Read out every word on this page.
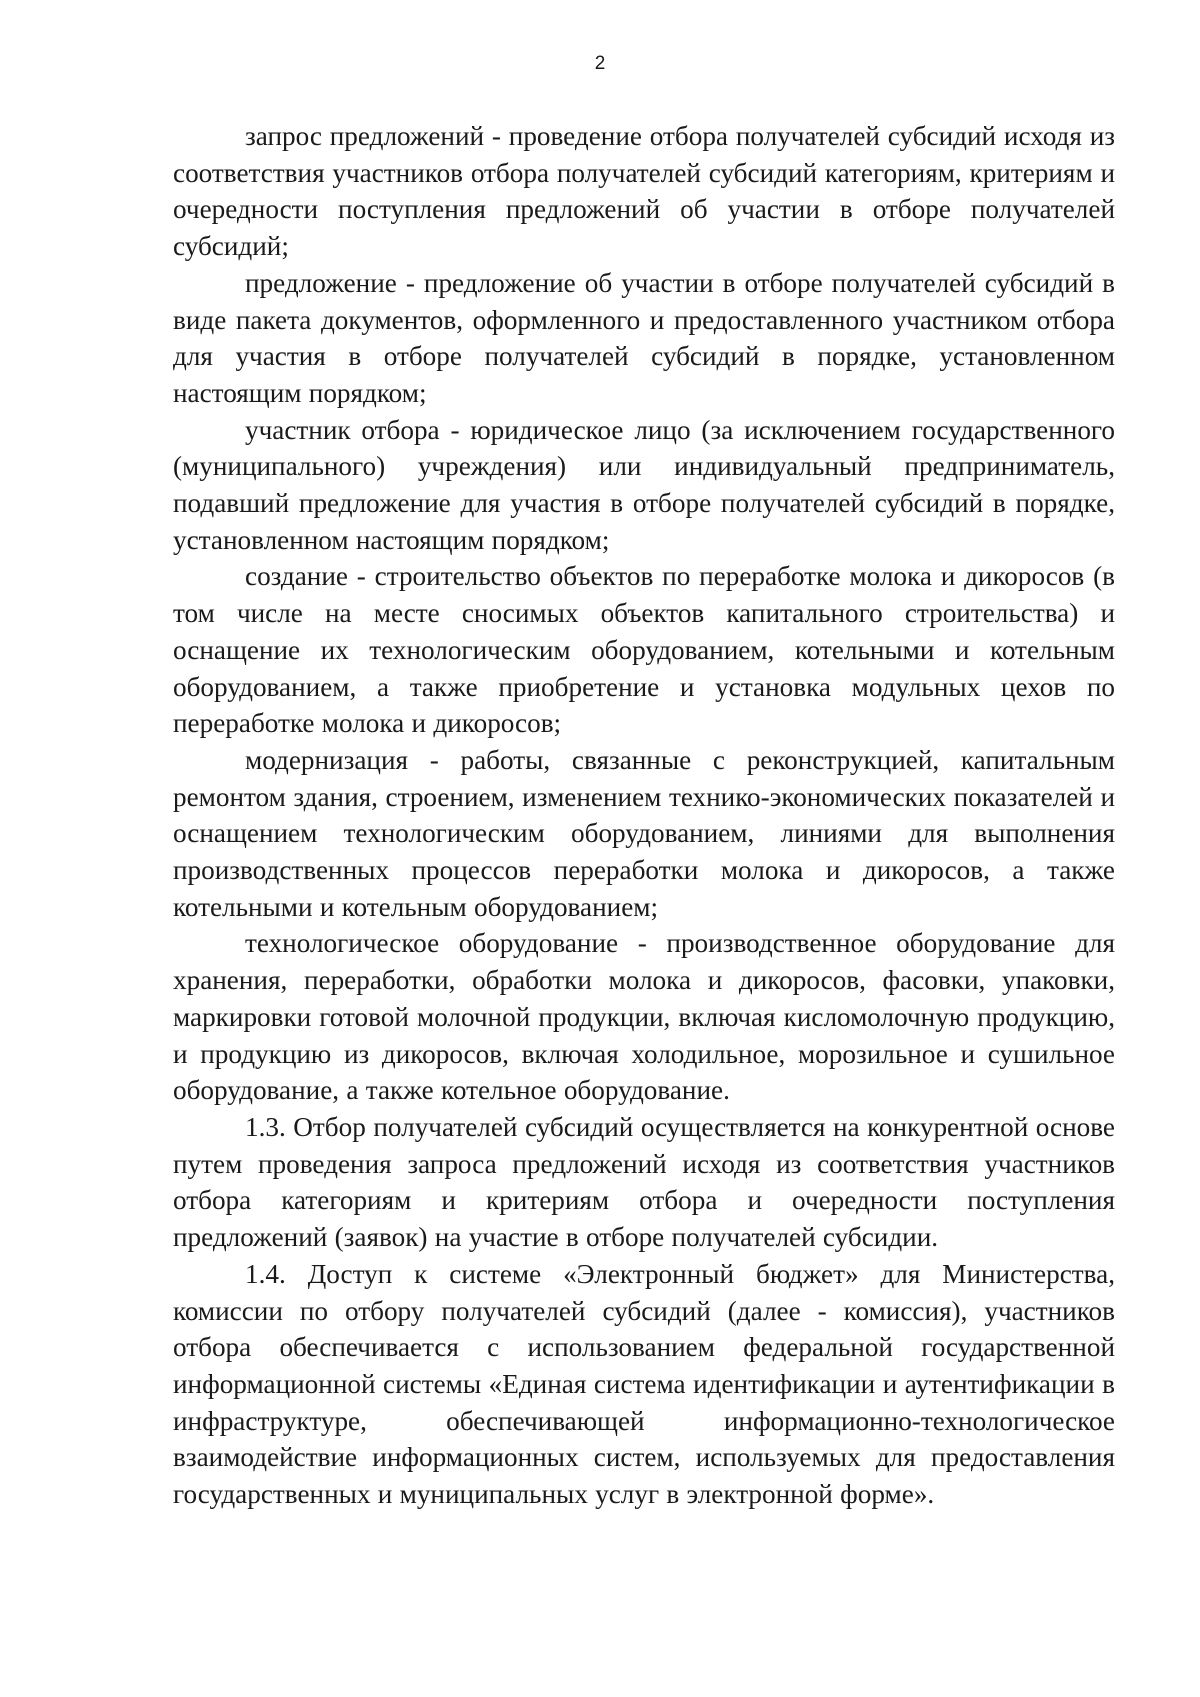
2

запрос предложений - проведение отбора получателей субсидий исходя из соответствия участников отбора получателей субсидий категориям, критериям и очередности поступления предложений об участии в отборе получателей субсидий;

предложение - предложение об участии в отборе получателей субсидий в виде пакета документов, оформленного и предоставленного участником отбора для участия в отборе получателей субсидий в порядке, установленном настоящим порядком;

участник отбора - юридическое лицо (за исключением государственного (муниципального) учреждения) или индивидуальный предприниматель, подавший предложение для участия в отборе получателей субсидий в порядке, установленном настоящим порядком;

создание - строительство объектов по переработке молока и дикоросов (в том числе на месте сносимых объектов капитального строительства) и оснащение их технологическим оборудованием, котельными и котельным оборудованием, а также приобретение и установка модульных цехов по переработке молока и дикоросов;

модернизация - работы, связанные с реконструкцией, капитальным ремонтом здания, строением, изменением технико-экономических показателей и оснащением технологическим оборудованием, линиями для выполнения производственных процессов переработки молока и дикоросов, а также котельными и котельным оборудованием;

технологическое оборудование - производственное оборудование для хранения, переработки, обработки молока и дикоросов, фасовки, упаковки, маркировки готовой молочной продукции, включая кисломолочную продукцию, и продукцию из дикоросов, включая холодильное, морозильное и сушильное оборудование, а также котельное оборудование.

1.3. Отбор получателей субсидий осуществляется на конкурентной основе путем проведения запроса предложений исходя из соответствия участников отбора категориям и критериям отбора и очередности поступления предложений (заявок) на участие в отборе получателей субсидии.

1.4. Доступ к системе «Электронный бюджет» для Министерства, комиссии по отбору получателей субсидий (далее - комиссия), участников отбора обеспечивается с использованием федеральной государственной информационной системы «Единая система идентификации и аутентификации в инфраструктуре, обеспечивающей информационно-технологическое взаимодействие информационных систем, используемых для предоставления государственных и муниципальных услуг в электронной форме».
